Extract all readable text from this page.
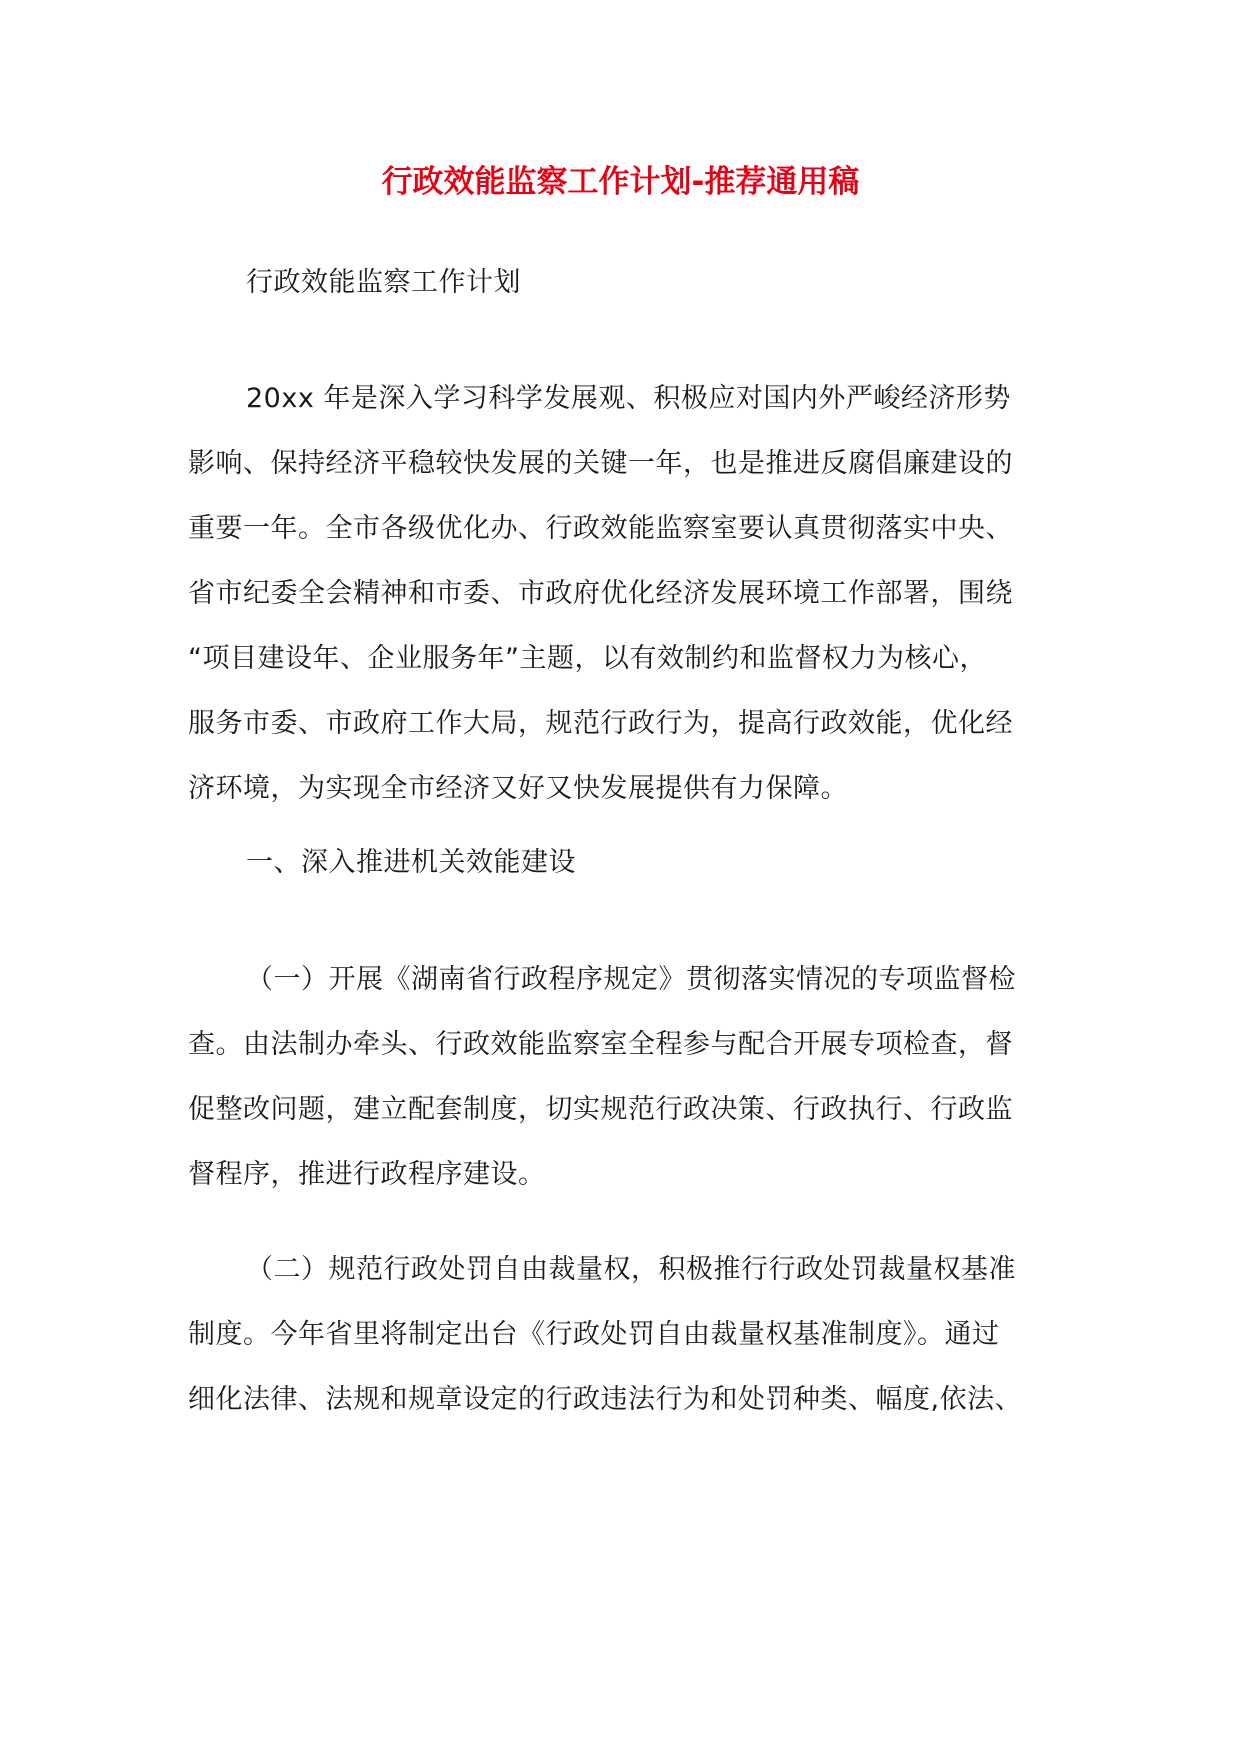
行政效能监察工作计划-推荐通用稿

行政效能监察工作计划

20xx 年是深入学习科学发展观、积极应对国内外严峻经济形势
影响、保持经济平稳较快发展的关键一年，也是推进反腐倡廉建设的
重要一年。全市各级优化办、行政效能监察室要认真贯彻落实中央、
省市纪委全会精神和市委、市政府优化经济发展环境工作部署，围绕
“项目建设年、企业服务年”主题，以有效制约和监督权力为核心，
服务市委、市政府工作大局，规范行政行为，提高行政效能，优化经
济环境，为实现全市经济又好又快发展提供有力保障。

一、深入推进机关效能建设

（一）开展《湖南省行政程序规定》贯彻落实情况的专项监督检
查。由法制办牵头、行政效能监察室全程参与配合开展专项检查，督
促整改问题，建立配套制度，切实规范行政决策、行政执行、行政监
督程序，推进行政程序建设。

（二）规范行政处罚自由裁量权，积极推行行政处罚裁量权基准
制度。今年省里将制定出台《行政处罚自由裁量权基准制度》。通过
细化法律、法规和规章设定的行政违法行为和处罚种类、幅度,依法、
